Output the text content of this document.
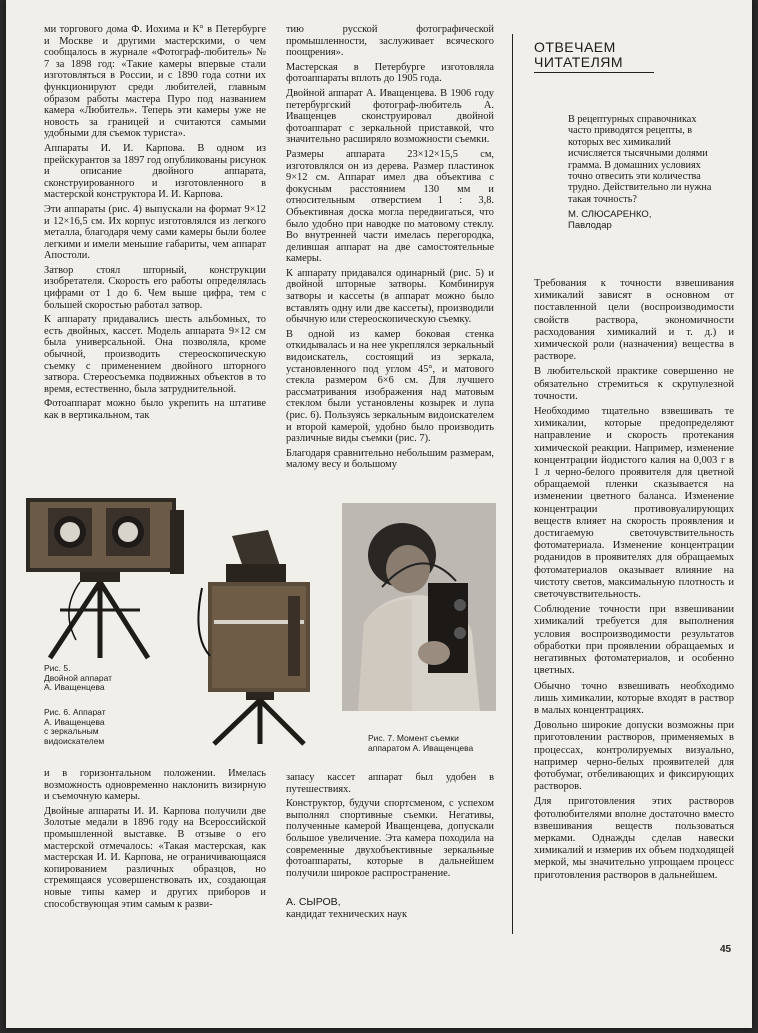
ми торгового дома Ф. Иохима и К° в Петербурге и Москве и другими мастерскими, о чем сообщалось в журнале «Фотограф-любитель» № 7 за 1898 год: «Такие камеры впервые стали изготовляться в России, и с 1890 года сотни их функционируют среди любителей, главным образом работы мастера Пуро под названием камера «Любитель». Теперь эти камеры уже не новость за границей и считаются самыми удобными для съемок туриста».

Аппараты И. И. Карпова. В одном из прейскурантов за 1897 год опубликованы рисунок и описание двойного аппарата, сконструированного и изготовленного в мастерской конструктора И. И. Карпова.

Эти аппараты (рис. 4) выпускали на формат 9×12 и 12×16,5 см. Их корпус изготовлялся из легкого металла, благодаря чему сами камеры были более легкими и имели меньшие габариты, чем аппарат Апостоли.

Затвор стоял шторный, конструкции изобретателя. Скорость его работы определялась цифрами от 1 до 6. Чем выше цифра, тем с большей скоростью работал затвор.

К аппарату придавались шесть альбомных, то есть двойных, кассет. Модель аппарата 9×12 см была универсальной. Она позволяла, кроме обычной, производить стереоскопическую съемку с применением двойного шторного затвора. Стереосъемка подвижных объектов в то время, естественно, была затруднительной.

Фотоаппарат можно было укрепить на штативе как в вертикальном, так

тию русской фотографической промышленности, заслуживает всяческого поощрения».

Мастерская в Петербурге изготовляла фотоаппараты вплоть до 1905 года.

Двойной аппарат А. Иващенцева. В 1906 году петербургский фотограф-любитель А. Иващенцев сконструировал двойной фотоаппарат с зеркальной приставкой, что значительно расширяло возможности съемки.

Размеры аппарата 23×12×15,5 см, изготовлялся он из дерева. Размер пластинок 9×12 см. Аппарат имел два объектива с фокусным расстоянием 130 мм и относительным отверстием 1 : 3,8. Объективная доска могла передвигаться, что было удобно при наводке по матовому стеклу. Во внутренней части имелась перегородка, делившая аппарат на две самостоятельные камеры.

К аппарату придавался одинарный (рис. 5) и двойной шторные затворы. Комбинируя затворы и кассеты (в аппарат можно было вставлять одну или две кассеты), производили обычную или стереоскопическую съемку.

В одной из камер боковая стенка откидывалась и на нее укреплялся зеркальный видоискатель, состоящий из зеркала, установленного под углом 45°, и матового стекла размером 6×6 см. Для лучшего рассматривания изображения над матовым стеклом были установлены козырек и лупа (рис. 6). Пользуясь зеркальным видоискателем и второй камерой, удобно было производить различные виды съемки (рис. 7).

Благодаря сравнительно небольшим размерам, малому весу и большому

ОТВЕЧАЕМ
ЧИТАТЕЛЯМ

В рецептурных справочниках часто приводятся рецепты, в которых вес химикалий исчисляется тысячными долями грамма. В домашних условиях точно отвесить эти количества трудно. Действительно ли нужна такая точность?

М. СЛЮСАРЕНКО,
Павлодар

Требования к точности взвешивания химикалий зависят в основном от поставленной цели (воспроизводимости свойств раствора, экономичности расходования химикалий и т. д.) и химической роли (назначения) вещества в растворе.

В любительской практике совершенно не обязательно стремиться к скрупулезной точности.

Необходимо тщательно взвешивать те химикалии, которые предопределяют направление и скорость протекания химической реакции. Например, изменение концентрации йодистого калия на 0,003 г в 1 л черно-белого проявителя для цветной обращаемой пленки сказывается на изменении цветного баланса. Изменение концентрации противовуалирующих веществ влияет на скорость проявления и достигаемую светочувствительность фотоматериала. Изменение концентрации роданидов в проявителях для обращаемых фотоматериалов оказывает влияние на чистоту светов, максимальную плотность и светочувствительность.

Соблюдение точности при взвешивании химикалий требуется для выполнения условия воспроизводимости результатов обработки при проявлении обращаемых и негативных фотоматериалов, и особенно цветных.

Обычно точно взвешивать необходимо лишь химикалии, которые входят в раствор в малых концентрациях.

Довольно широкие допуски возможны при приготовлении растворов, применяемых в процессах, контролируемых визуально, например черно-белых проявителей для фотобумаг, отбеливающих и фиксирующих растворов.

Для приготовления этих растворов фотолюбителями вполне достаточно вместо взвешивания веществ пользоваться мерками. Однажды сделав навески химикалий и измерив их объем подходящей меркой, мы значительно упрощаем процесс приготовления растворов в дальнейшем.

Рис. 5.
Двойной аппарат
А. Иващенцева
Рис. 6. Аппарат
А. Иващенцева
с зеркальным
видоискателем	Рис. 7. Момент съемки
аппаратом А. Иващенцева

и в горизонтальном положении. Имелась возможность одновременно наклонить визирную и съемочную камеры.

Двойные аппараты И. И. Карпова получили две Золотые медали в 1896 году на Всероссийской промышленной выставке. В отзыве о его мастерской отмечалось: «Такая мастерская, как мастерская И. И. Карпова, не ограничивающаяся копированием различных образцов, но стремящаяся усовершенствовать их, создающая новые типы камер и других приборов и способствующая этим самым к разви-

запасу кассет аппарат был удобен в путешествиях.

Конструктор, будучи спортсменом, с успехом выполнял спортивные съемки. Негативы, полученные камерой Иващенцева, допускали большое увеличение. Эта камера походила на современные двухобъективные зеркальные фотоаппараты, которые в дальнейшем получили широкое распространение.

А. СЫРОВ,
кандидат технических наук
45
